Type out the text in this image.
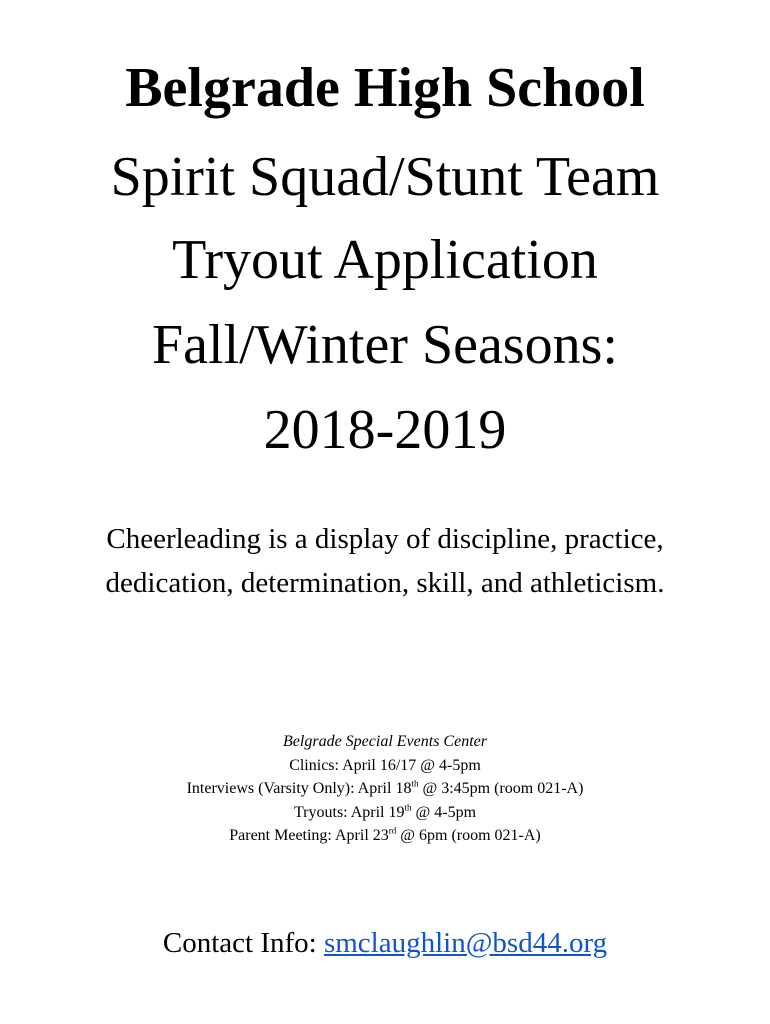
Belgrade High School
Spirit Squad/Stunt Team
Tryout Application
Fall/Winter Seasons:
2018-2019
Cheerleading is a display of discipline, practice,
dedication, determination, skill, and athleticism.
Belgrade Special Events Center
Clinics: April 16/17 @ 4-5pm
Interviews (Varsity Only): April 18th @ 3:45pm (room 021-A)
Tryouts: April 19th @ 4-5pm
Parent Meeting: April 23rd @ 6pm (room 021-A)
Contact Info: smclaughlin@bsd44.org
